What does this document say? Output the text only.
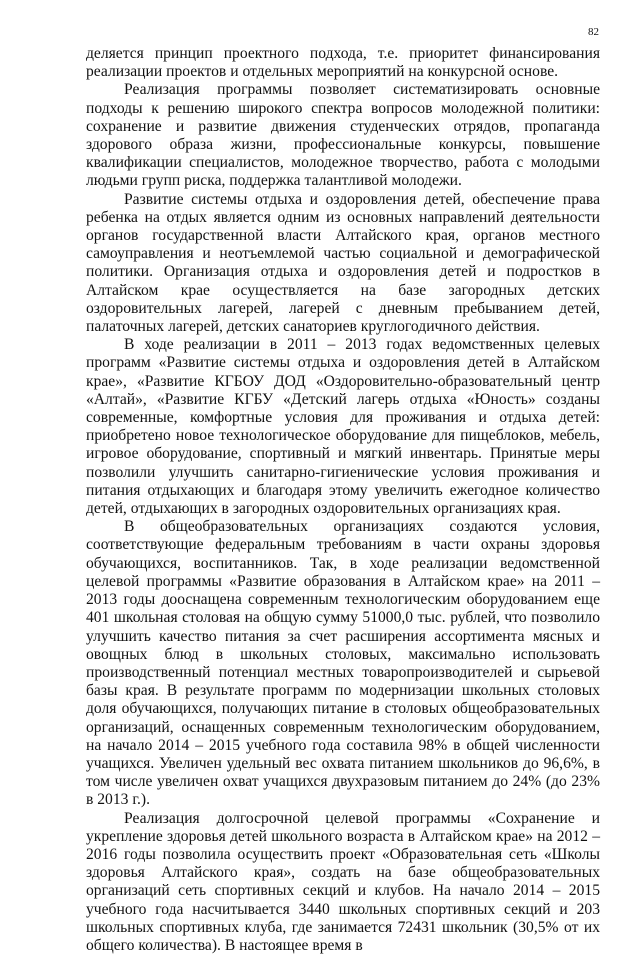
82

деляется принцип проектного подхода, т.е. приоритет финансирования реализации проектов и отдельных мероприятий на конкурсной основе.

Реализация программы позволяет систематизировать основные подходы к решению широкого спектра вопросов молодежной политики: сохранение и развитие движения студенческих отрядов, пропаганда здорового образа жизни, профессиональные конкурсы, повышение квалификации специалистов, молодежное творчество, работа с молодыми людьми групп риска, поддержка талантливой молодежи.

Развитие системы отдыха и оздоровления детей, обеспечение права ребенка на отдых является одним из основных направлений деятельности органов государственной власти Алтайского края, органов местного самоуправления и неотъемлемой частью социальной и демографической политики. Организация отдыха и оздоровления детей и подростков в Алтайском крае осуществляется на базе загородных детских оздоровительных лагерей, лагерей с дневным пребыванием детей, палаточных лагерей, детских санаториев круглогодичного действия.

В ходе реализации в 2011 – 2013 годах ведомственных целевых программ «Развитие системы отдыха и оздоровления детей в Алтайском крае», «Развитие КГБОУ ДОД «Оздоровительно-образовательный центр «Алтай», «Развитие КГБУ «Детский лагерь отдыха «Юность» созданы современные, комфортные условия для проживания и отдыха детей: приобретено новое технологическое оборудование для пищеблоков, мебель, игровое оборудование, спортивный и мягкий инвентарь. Принятые меры позволили улучшить санитарно-гигиенические условия проживания и питания отдыхающих и благодаря этому увеличить ежегодное количество детей, отдыхающих в загородных оздоровительных организациях края.

В общеобразовательных организациях создаются условия, соответствующие федеральным требованиям в части охраны здоровья обучающихся, воспитанников. Так, в ходе реализации ведомственной целевой программы «Развитие образования в Алтайском крае» на 2011 – 2013 годы дооснащена современным технологическим оборудованием еще 401 школьная столовая на общую сумму 51000,0 тыс. рублей, что позволило улучшить качество питания за счет расширения ассортимента мясных и овощных блюд в школьных столовых, максимально использовать производственный потенциал местных товаропроизводителей и сырьевой базы края. В результате программ по модернизации школьных столовых доля обучающихся, получающих питание в столовых общеобразовательных организаций, оснащенных современным технологическим оборудованием, на начало 2014 – 2015 учебного года составила 98% в общей численности учащихся. Увеличен удельный вес охвата питанием школьников до 96,6%, в том числе увеличен охват учащихся двухразовым питанием до 24% (до 23% в 2013 г.).

Реализация долгосрочной целевой программы «Сохранение и укрепление здоровья детей школьного возраста в Алтайском крае» на 2012 – 2016 годы позволила осуществить проект «Образовательная сеть «Школы здоровья Алтайского края», создать на базе общеобразовательных организаций сеть спортивных секций и клубов. На начало 2014 – 2015 учебного года насчитывается 3440 школьных спортивных секций и 203 школьных спортивных клуба, где занимается 72431 школьник (30,5% от их общего количества). В настоящее время в
